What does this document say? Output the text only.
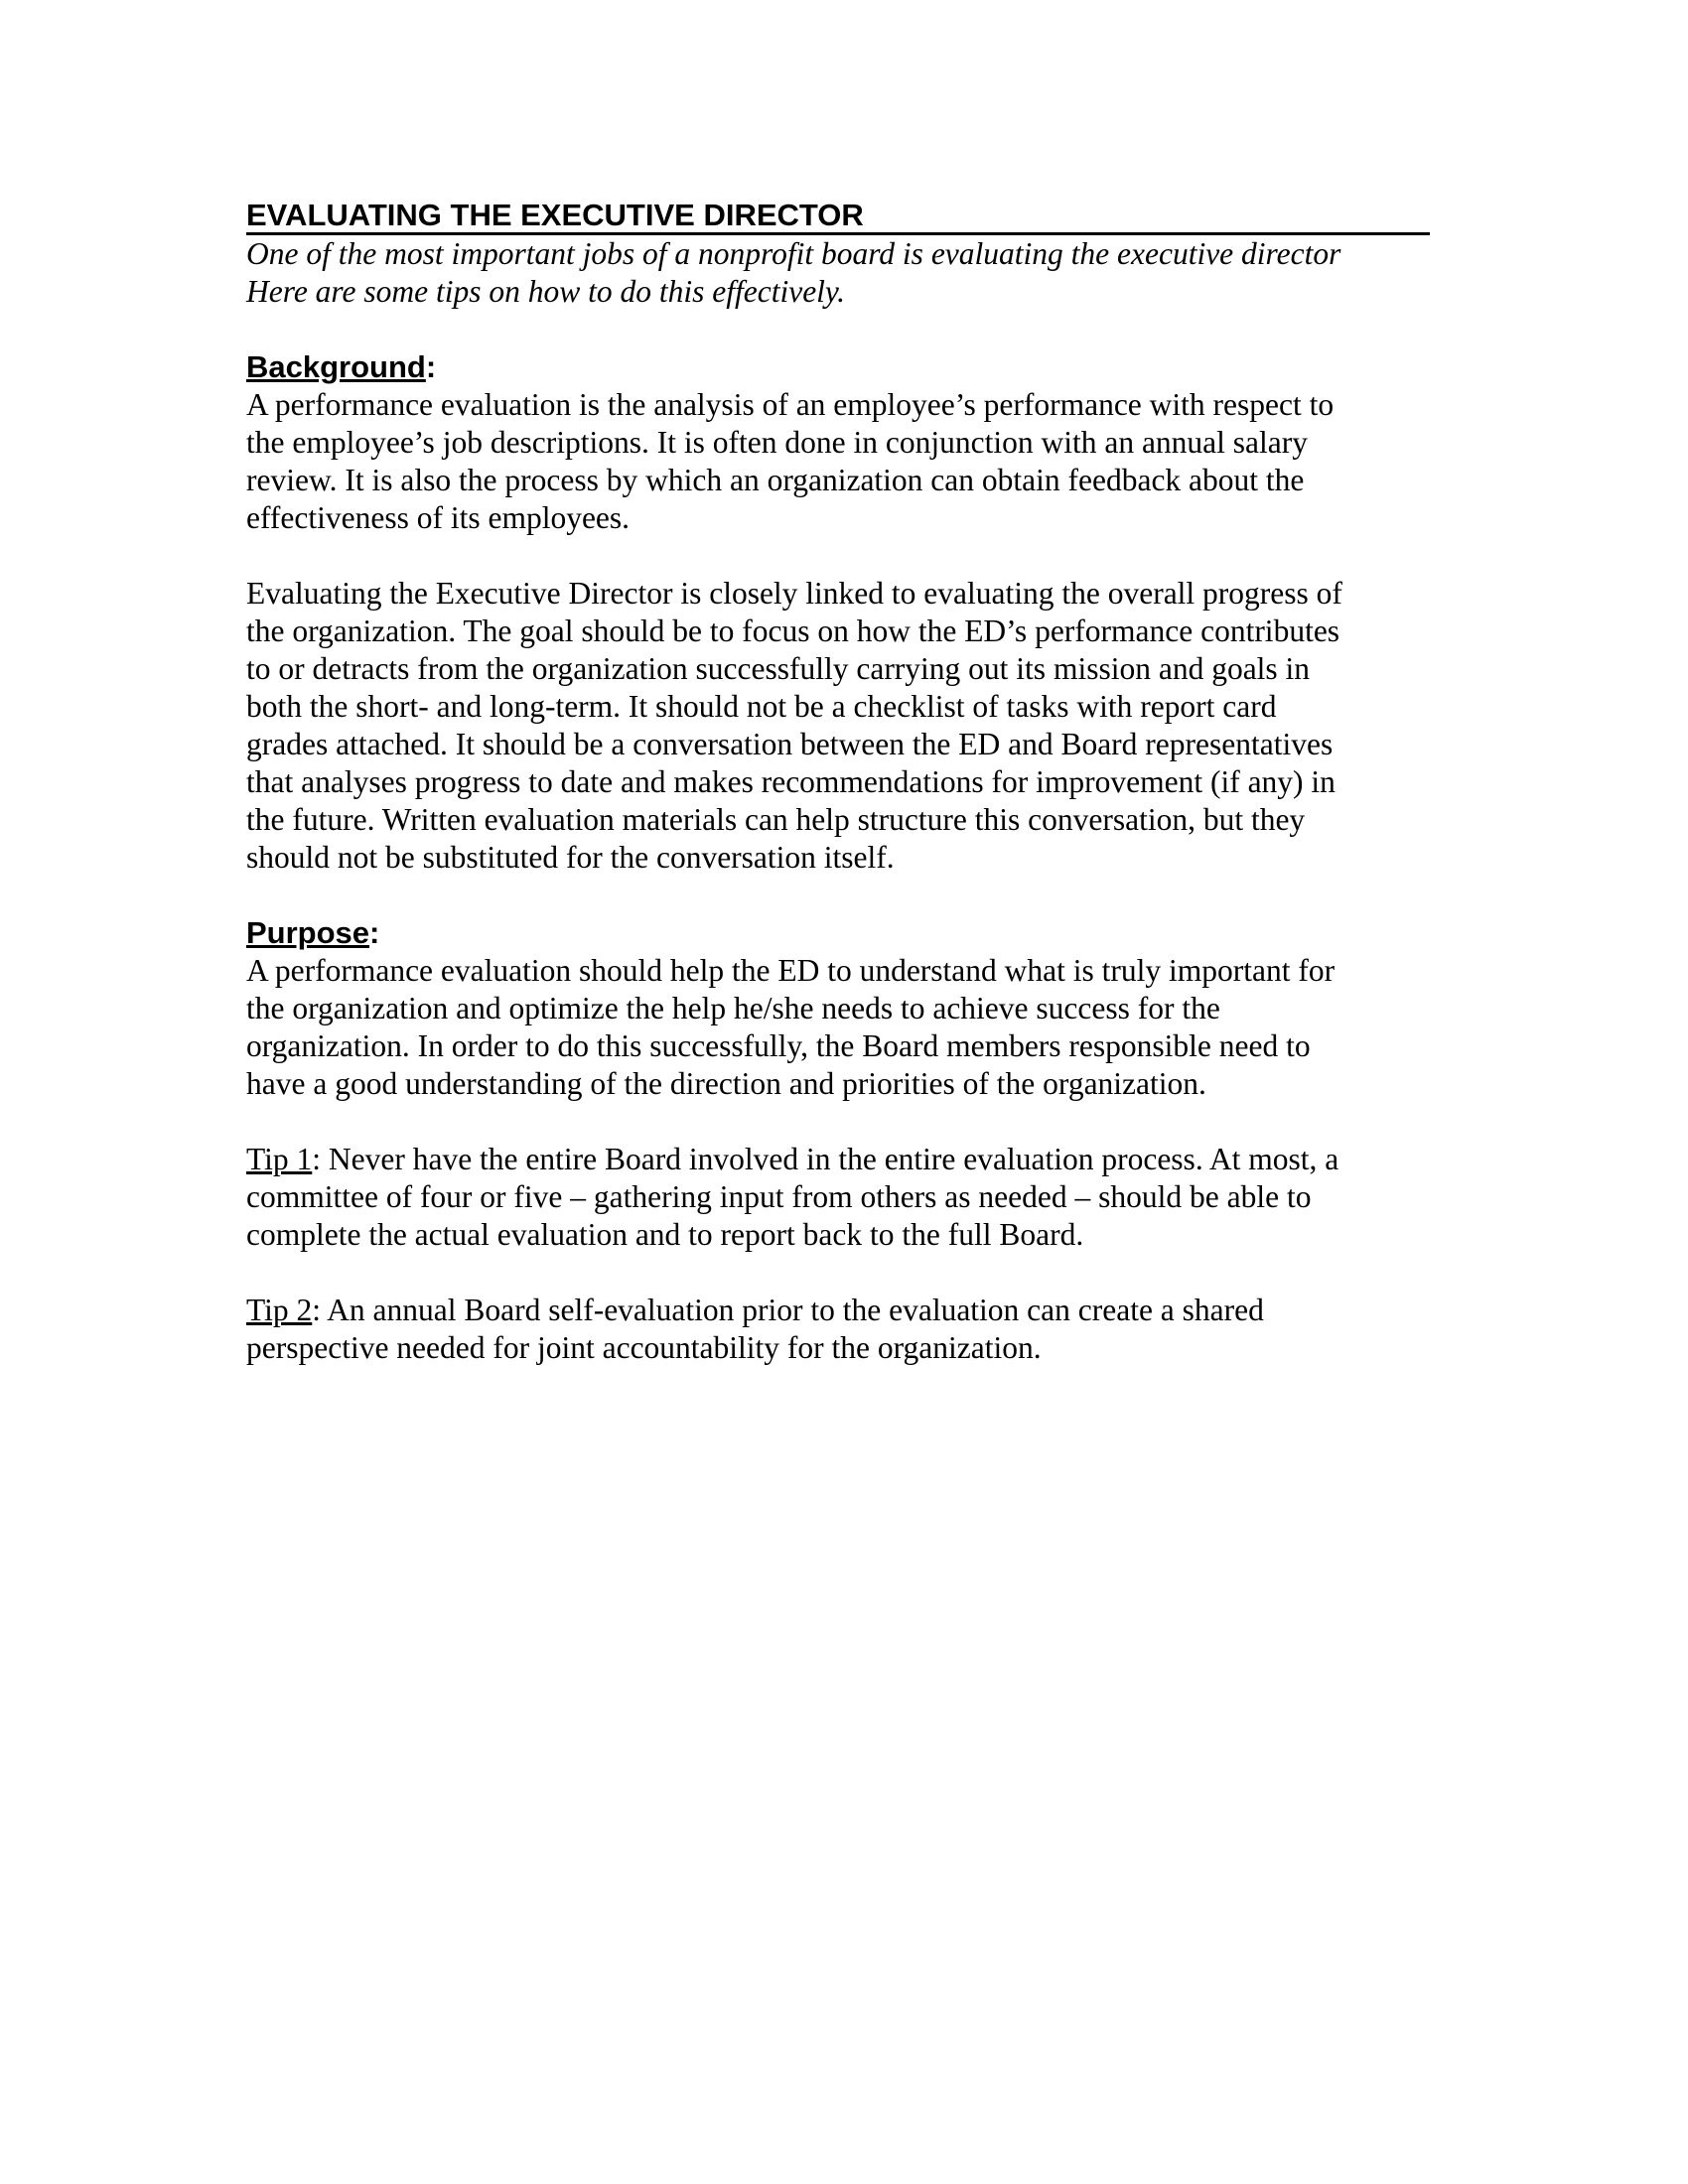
EVALUATING THE EXECUTIVE DIRECTOR
One of the most important jobs of a nonprofit board is evaluating the executive director
Here are some tips on how to do this effectively.
Background:
A performance evaluation is the analysis of an employee’s performance with respect to
the employee’s job descriptions. It is often done in conjunction with an annual salary
review. It is also the process by which an organization can obtain feedback about the
effectiveness of its employees.
Evaluating the Executive Director is closely linked to evaluating the overall progress of
the organization. The goal should be to focus on how the ED’s performance contributes
to or detracts from the organization successfully carrying out its mission and goals in
both the short- and long-term. It should not be a checklist of tasks with report card
grades attached. It should be a conversation between the ED and Board representatives
that analyses progress to date and makes recommendations for improvement (if any) in
the future. Written evaluation materials can help structure this conversation, but they
should not be substituted for the conversation itself.
Purpose:
A performance evaluation should help the ED to understand what is truly important for
the organization and optimize the help he/she needs to achieve success for the
organization. In order to do this successfully, the Board members responsible need to
have a good understanding of the direction and priorities of the organization.
Tip 1: Never have the entire Board involved in the entire evaluation process. At most, a
committee of four or five – gathering input from others as needed – should be able to
complete the actual evaluation and to report back to the full Board.
Tip 2: An annual Board self-evaluation prior to the evaluation can create a shared
perspective needed for joint accountability for the organization.
